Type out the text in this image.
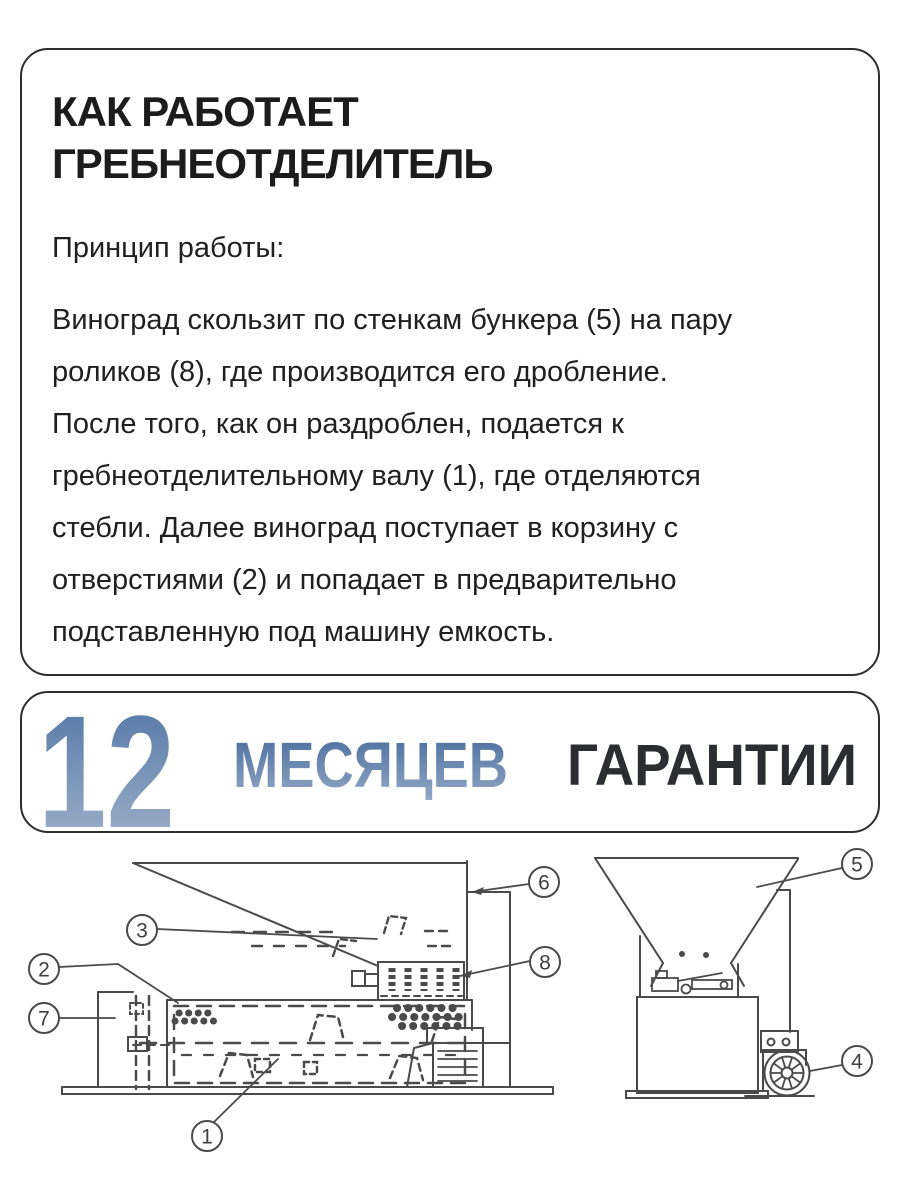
КАК РАБОТАЕТ
ГРЕБНЕОТДЕЛИТЕЛЬ
Принцип работы:
Виноград скользит по стенкам бункера (5) на пару
роликов (8), где производится его дробление.
После того, как он раздроблен, подается к
гребнеотделительному валу (1), где отделяются
стебли. Далее виноград поступает в корзину с
отверстиями (2) и попадает в предварительно
подставленную под машину емкость.
12 МЕСЯЦЕВ ГАРАНТИИ
3
2
7
1
6
8
5
4
